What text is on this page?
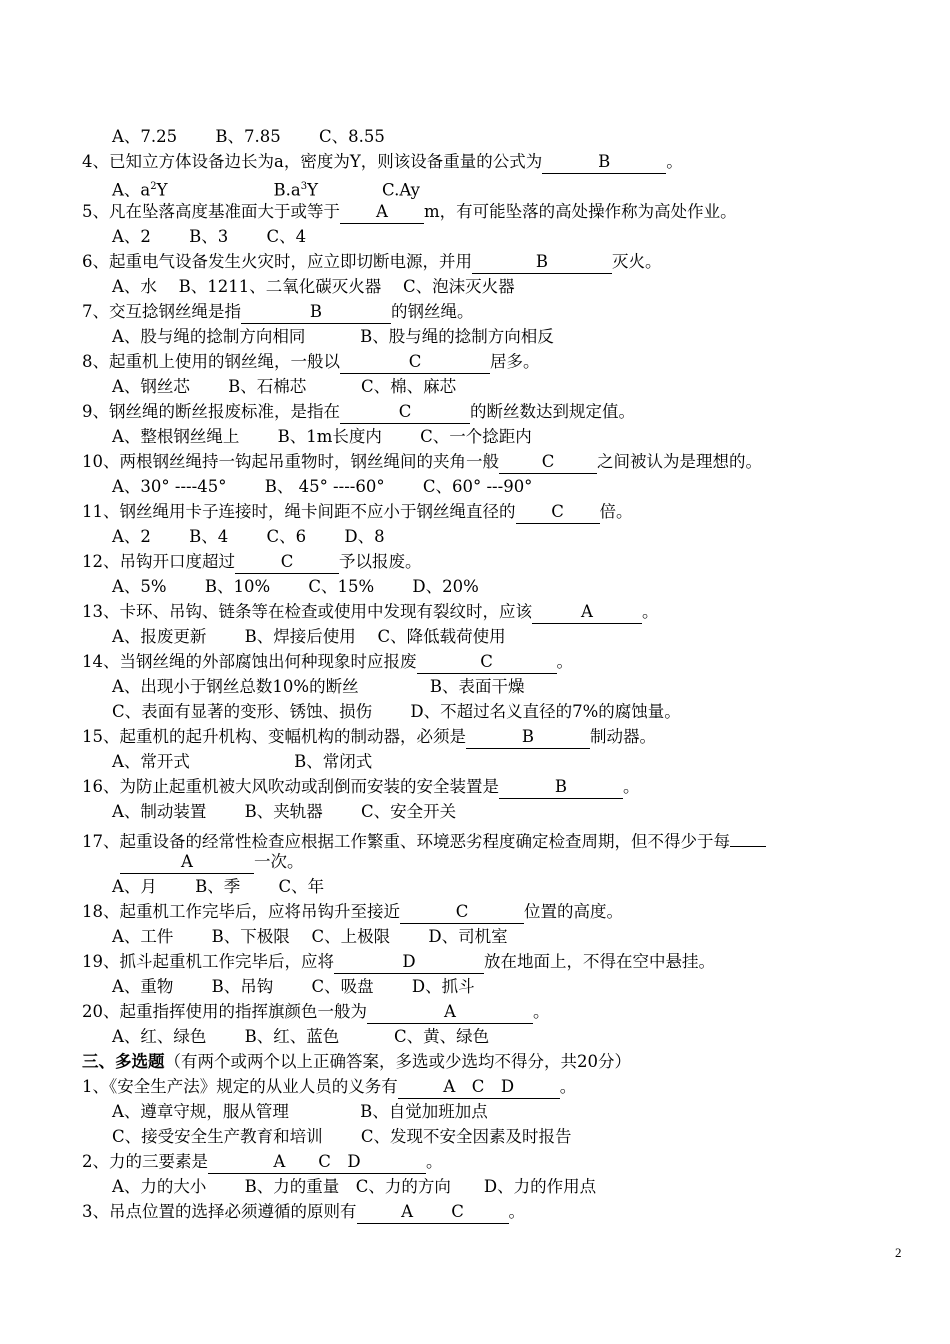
A、7.25　　 B、7.85　　 C、8.55
4、已知立方体设备边长为a，密度为Y，则该设备重量的公式为	B	。
A、$a^2Y$	$B.a^3Y$	C.Ay
5、凡在坠落高度基准面大于或等于 A m，有可能坠落的高处操作称为高处作业。
A、2　　 B、3　　 C、4
6、起重电气设备发生火灾时，应立即切断电源，并用	B	灭火。
A、水　 B、1211、二氧化碳灭火器　 C、泡沫灭火器
7、交互捻钢丝绳是指	B	的钢丝绳。
A、股与绳的捻制方向相同　　　 B、股与绳的捻制方向相反
8、起重机上使用的钢丝绳，一般以	C	居多。
A、钢丝芯　　 B、石棉芯　　　 C、棉、麻芯
9、钢丝绳的断丝报废标准，是指在	C	的断丝数达到规定值。
A、整根钢丝绳上　　 B、1m长度内　　 C、一个捻距内
10、两根钢丝绳持一钩起吊重物时，钢丝绳间的夹角一般	C	之间被认为是理想的。
A、30° ----45°　　 B、 45° ----60°　　 C、60° ---90°
11、钢丝绳用卡子连接时，绳卡间距不应小于钢丝绳直径的 C 倍。
A、2　　 B、4　　 C、6　　 D、8
12、吊钩开口度超过	C	予以报废。
A、5%　　 B、10%　　 C、15%　　 D、20%
13、卡环、吊钩、链条等在检查或使用中发现有裂纹时，应该	A	。
A、报废更新　　 B、焊接后使用　 C、降低载荷使用
14、当钢丝绳的外部腐蚀出何种现象时应报废	C	。
A、出现小于钢丝总数10%的断丝　　　　 B、表面干燥
C、表面有显著的变形、锈蚀、损伤　　 D、不超过名义直径的7%的腐蚀量。
15、起重机的起升机构、变幅机构的制动器，必须是	B	制动器。
A、常开式　　　　　　 B、常闭式
16、为防止起重机被大风吹动或刮倒而安装的安全装置是	B	。
A、制动装置　　 B、夹轨器　　 C、安全开关
17、起重设备的经常性检查应根据工作繁重、环境恶劣程度确定检查周期，但不得少于每
A	一次。
A、月　　 B、季　　 C、年
18、起重机工作完毕后，应将吊钩升至接近	C	位置的高度。
A、工件　　 B、下极限　 C、上极限　　 D、司机室
19、抓斗起重机工作完毕后，应将	D	放在地面上，不得在空中悬挂。
A、重物　　 B、吊钩　　 C、吸盘　　 D、抓斗
20、起重指挥使用的指挥旗颜色一般为	A	。
A、红、绿色　　 B、红、蓝色　　　 C、黄、绿色
三、多选题（有两个或两个以上正确答案，多选或少选均不得分，共20分）
1、《安全生产法》规定的从业人员的义务有	A　C　D	。
A、遵章守规，服从管理　　　　 B、自觉加班加点
C、接受安全生产教育和培训　　 C、发现不安全因素及时报告
2、力的三要素是	A　　C　D	。
A、力的大小　　 B、力的重量　C、力的方向　　D、力的作用点
3、吊点位置的选择必须遵循的原则有	A　　 C	。
2
